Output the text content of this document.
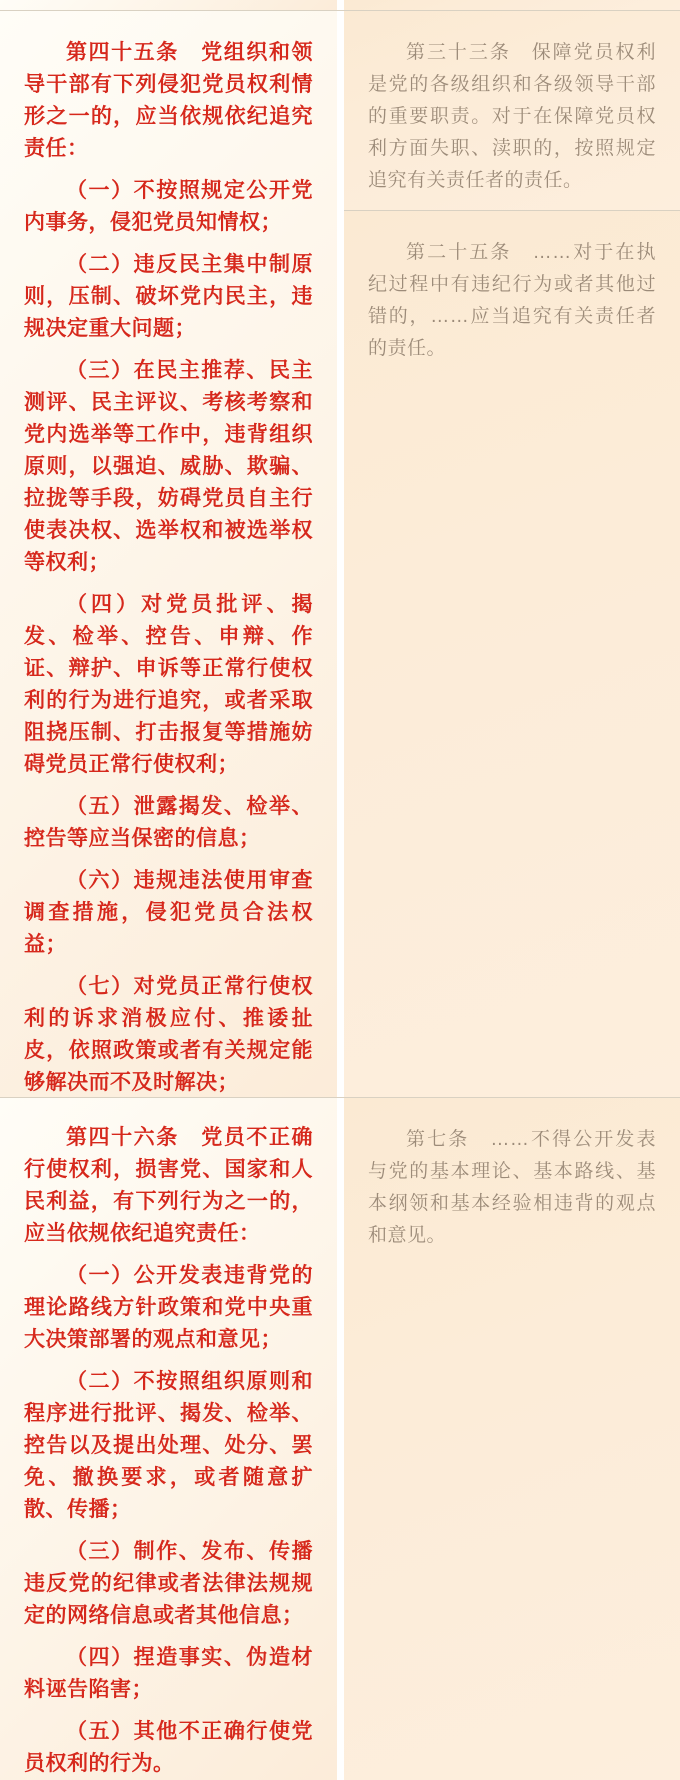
第四十五条　党组织和领导干部有下列侵犯党员权利情形之一的，应当依规依纪追究责任：

（一）不按照规定公开党内事务，侵犯党员知情权；

（二）违反民主集中制原则，压制、破坏党内民主，违规决定重大问题；

（三）在民主推荐、民主测评、民主评议、考核考察和党内选举等工作中，违背组织原则，以强迫、威胁、欺骗、拉拢等手段，妨碍党员自主行使表决权、选举权和被选举权等权利；

（四）对党员批评、揭发、检举、控告、申辩、作证、辩护、申诉等正常行使权利的行为进行追究，或者采取阻挠压制、打击报复等措施妨碍党员正常行使权利；

（五）泄露揭发、检举、控告等应当保密的信息；

（六）违规违法使用审查调查措施，侵犯党员合法权益；

（七）对党员正常行使权利的诉求消极应付、推诿扯皮，依照政策或者有关规定能够解决而不及时解决；

第三十三条　保障党员权利是党的各级组织和各级领导干部的重要职责。对于在保障党员权利方面失职、渎职的，按照规定追究有关责任者的责任。

第二十五条　……对于在执纪过程中有违纪行为或者其他过错的，……应当追究有关责任者的责任。

第四十六条　党员不正确行使权利，损害党、国家和人民利益，有下列行为之一的，应当依规依纪追究责任：

（一）公开发表违背党的理论路线方针政策和党中央重大决策部署的观点和意见；

（二）不按照组织原则和程序进行批评、揭发、检举、控告以及提出处理、处分、罢免、撤换要求，或者随意扩散、传播；

（三）制作、发布、传播违反党的纪律或者法律法规规定的网络信息或者其他信息；

（四）捏造事实、伪造材料诬告陷害；

（五）其他不正确行使党员权利的行为。

第七条　……不得公开发表与党的基本理论、基本路线、基本纲领和基本经验相违背的观点和意见。
